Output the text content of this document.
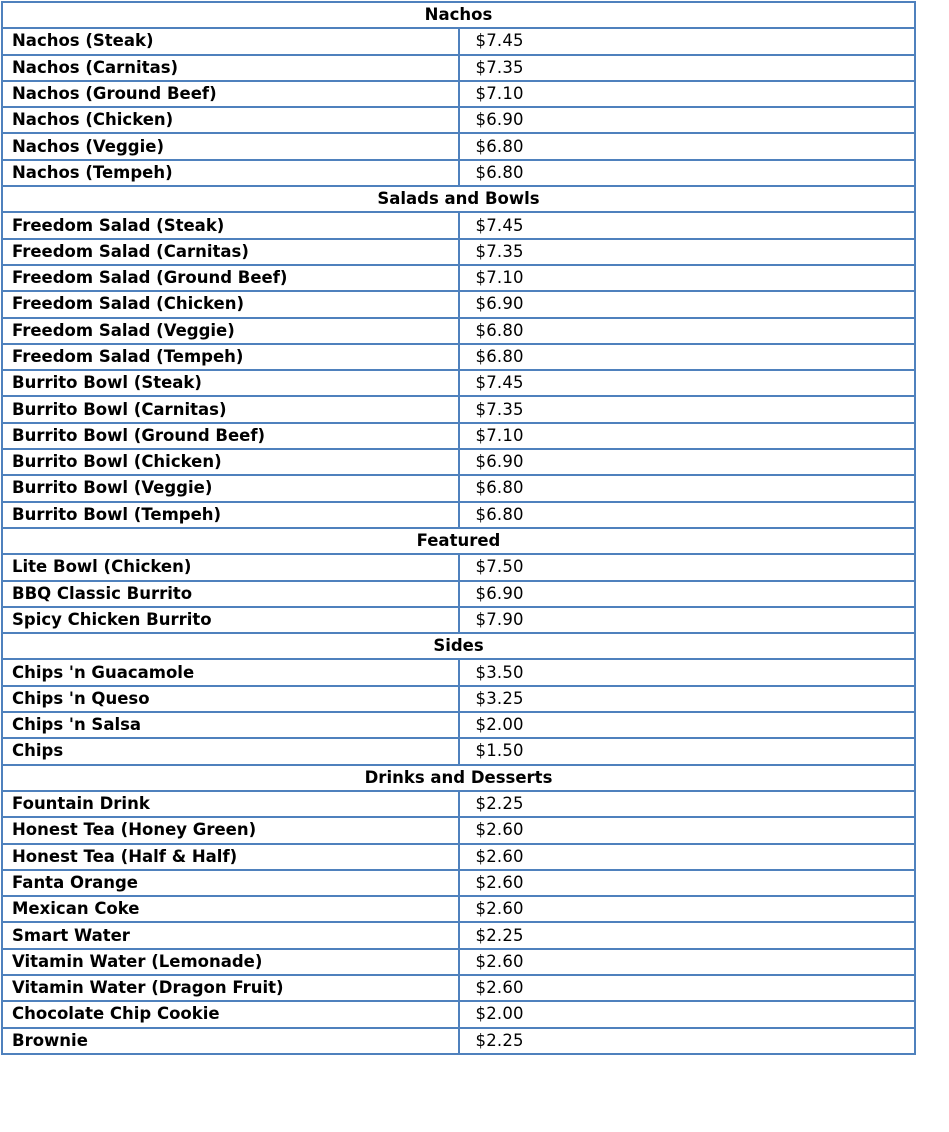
Nachos	
Nachos (Steak)	$7.45
Nachos (Carnitas)	$7.35
Nachos (Ground Beef)	$7.10
Nachos (Chicken)	$6.90
Nachos (Veggie)	$6.80
Nachos (Tempeh)	$6.80
Salads and Bowls	
Freedom Salad (Steak)	$7.45
Freedom Salad (Carnitas)	$7.35
Freedom Salad (Ground Beef)	$7.10
Freedom Salad (Chicken)	$6.90
Freedom Salad (Veggie)	$6.80
Freedom Salad (Tempeh)	$6.80
Burrito Bowl (Steak)	$7.45
Burrito Bowl (Carnitas)	$7.35
Burrito Bowl (Ground Beef)	$7.10
Burrito Bowl (Chicken)	$6.90
Burrito Bowl (Veggie)	$6.80
Burrito Bowl (Tempeh)	$6.80
Featured	
Lite Bowl (Chicken)	$7.50
BBQ Classic Burrito	$6.90
Spicy Chicken Burrito	$7.90
Sides	
Chips 'n Guacamole	$3.50
Chips 'n Queso	$3.25
Chips 'n Salsa	$2.00
Chips	$1.50
Drinks and Desserts	
Fountain Drink	$2.25
Honest Tea (Honey Green)	$2.60
Honest Tea (Half & Half)	$2.60
Fanta Orange	$2.60
Mexican Coke	$2.60
Smart Water	$2.25
Vitamin Water (Lemonade)	$2.60
Vitamin Water (Dragon Fruit)	$2.60
Chocolate Chip Cookie	$2.00
Brownie	$2.25
